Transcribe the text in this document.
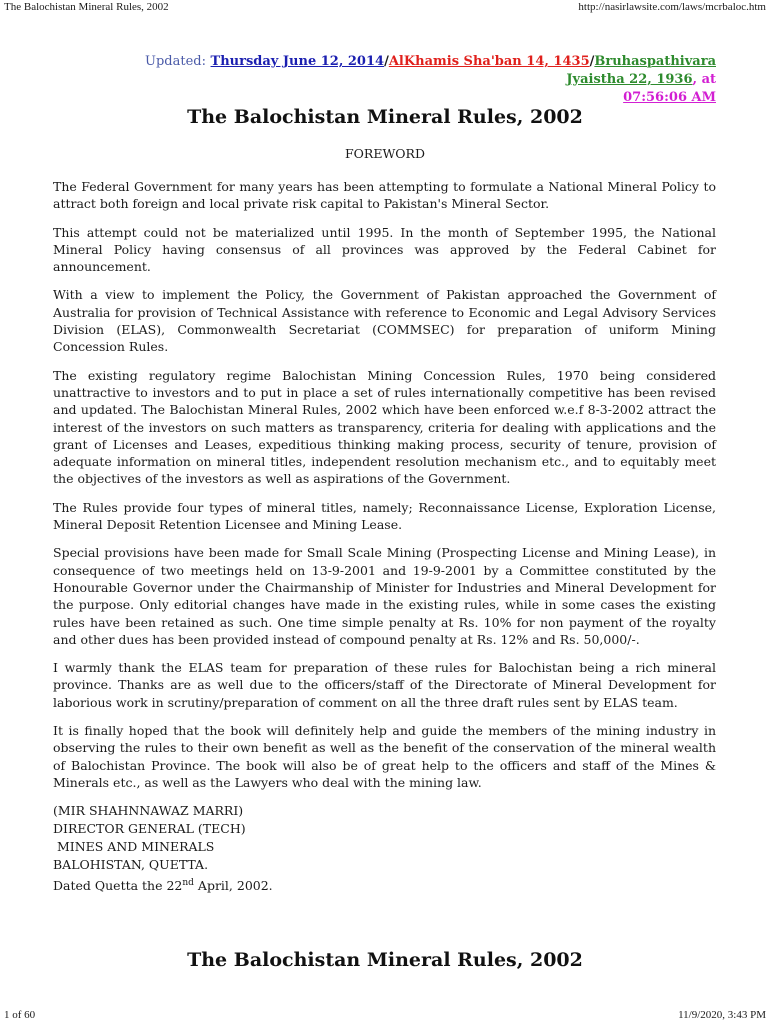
The Balochistan Mineral Rules, 2002	http://nasirlawsite.com/laws/mcrbaloc.htm
Updated: Thursday June 12, 2014/AlKhamis Sha'ban 14, 1435/Bruhaspathivara Jyaistha 22, 1936, at
07:56:06 AM
The Balochistan Mineral Rules, 2002
FOREWORD

The Federal Government for many years has been attempting to formulate a National Mineral Policy to attract both foreign and local private risk capital to Pakistan's Mineral Sector.

This attempt could not be materialized until 1995. In the month of September 1995, the National Mineral Policy having consensus of all provinces was approved by the Federal Cabinet for announcement.

With a view to implement the Policy, the Government of Pakistan approached the Government of Australia for provision of Technical Assistance with reference to Economic and Legal Advisory Services Division (ELAS), Commonwealth Secretariat (COMMSEC) for preparation of uniform Mining Concession Rules.

The existing regulatory regime Balochistan Mining Concession Rules, 1970 being considered unattractive to investors and to put in place a set of rules internationally competitive has been revised and updated. The Balochistan Mineral Rules, 2002 which have been enforced w.e.f 8-3-2002 attract the interest of the investors on such matters as transparency, criteria for dealing with applications and the grant of Licenses and Leases, expeditious thinking making process, security of tenure, provision of adequate information on mineral titles, independent resolution mechanism etc., and to equitably meet the objectives of the investors as well as aspirations of the Government.

The Rules provide four types of mineral titles, namely; Reconnaissance License, Exploration License, Mineral Deposit Retention Licensee and Mining Lease.

Special provisions have been made for Small Scale Mining (Prospecting License and Mining Lease), in consequence of two meetings held on 13-9-2001 and 19-9-2001 by a Committee constituted by the Honourable Governor under the Chairmanship of Minister for Industries and Mineral Development for the purpose. Only editorial changes have made in the existing rules, while in some cases the existing rules have been retained as such. One time simple penalty at Rs. 10% for non payment of the royalty and other dues has been provided instead of compound penalty at Rs. 12% and Rs. 50,000/-.

I warmly thank the ELAS team for preparation of these rules for Balochistan being a rich mineral province. Thanks are as well due to the officers/staff of the Directorate of Mineral Development for laborious work in scrutiny/preparation of comment on all the three draft rules sent by ELAS team.

It is finally hoped that the book will definitely help and guide the members of the mining industry in observing the rules to their own benefit as well as the benefit of the conservation of the mineral wealth of Balochistan Province. The book will also be of great help to the officers and staff of the Mines & Minerals etc., as well as the Lawyers who deal with the mining law.

(MIR SHAHNNAWAZ MARRI)
DIRECTOR GENERAL (TECH)
MINES AND MINERALS
BALOHISTAN, QUETTA.
Dated Quetta the 22nd April, 2002.
The Balochistan Mineral Rules, 2002
1 of 60	11/9/2020, 3:43 PM
